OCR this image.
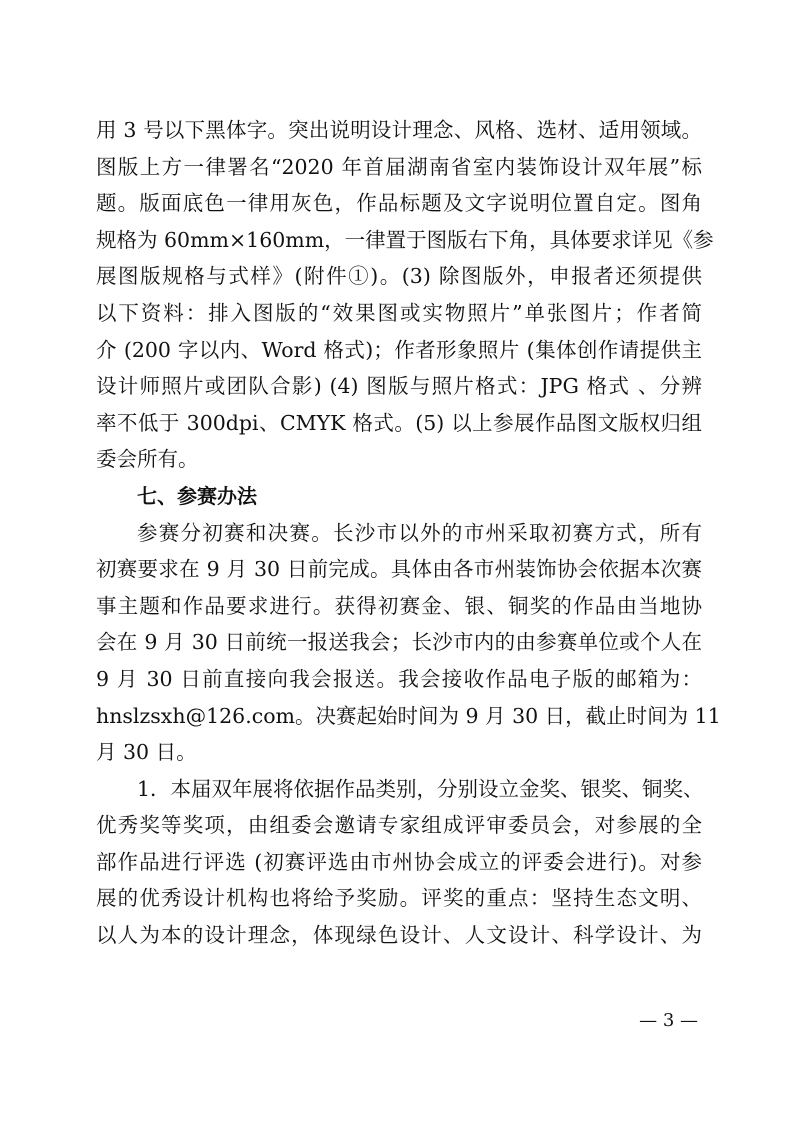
用 3 号以下黑体字。突出说明设计理念、风格、选材、适用领域。
图版上方一律署名“2020 年首届湖南省室内装饰设计双年展”标
题。版面底色一律用灰色，作品标题及文字说明位置自定。图角
规格为 60mm×160mm，一律置于图版右下角，具体要求详见《参
展图版规格与式样》(附件①)。(3) 除图版外，申报者还须提供
以下资料：排入图版的“效果图或实物照片”单张图片；作者简
介 (200 字以内、Word 格式)；作者形象照片 (集体创作请提供主
设计师照片或团队合影) (4) 图版与照片格式：JPG 格式 、分辨
率不低于 300dpi、CMYK 格式。(5) 以上参展作品图文版权归组
委会所有。
七、参赛办法
参赛分初赛和决赛。长沙市以外的市州采取初赛方式，所有
初赛要求在 9 月 30 日前完成。具体由各市州装饰协会依据本次赛
事主题和作品要求进行。获得初赛金、银、铜奖的作品由当地协
会在 9 月 30 日前统一报送我会；长沙市内的由参赛单位或个人在
9 月 30 日前直接向我会报送。我会接收作品电子版的邮箱为：
hnslzsxh@126.com。决赛起始时间为 9 月 30 日，截止时间为 11
月 30 日。
1．本届双年展将依据作品类别，分别设立金奖、银奖、铜奖、
优秀奖等奖项，由组委会邀请专家组成评审委员会，对参展的全
部作品进行评选 (初赛评选由市州协会成立的评委会进行)。对参
展的优秀设计机构也将给予奖励。评奖的重点：坚持生态文明、
以人为本的设计理念，体现绿色设计、人文设计、科学设计、为
— 3 —
